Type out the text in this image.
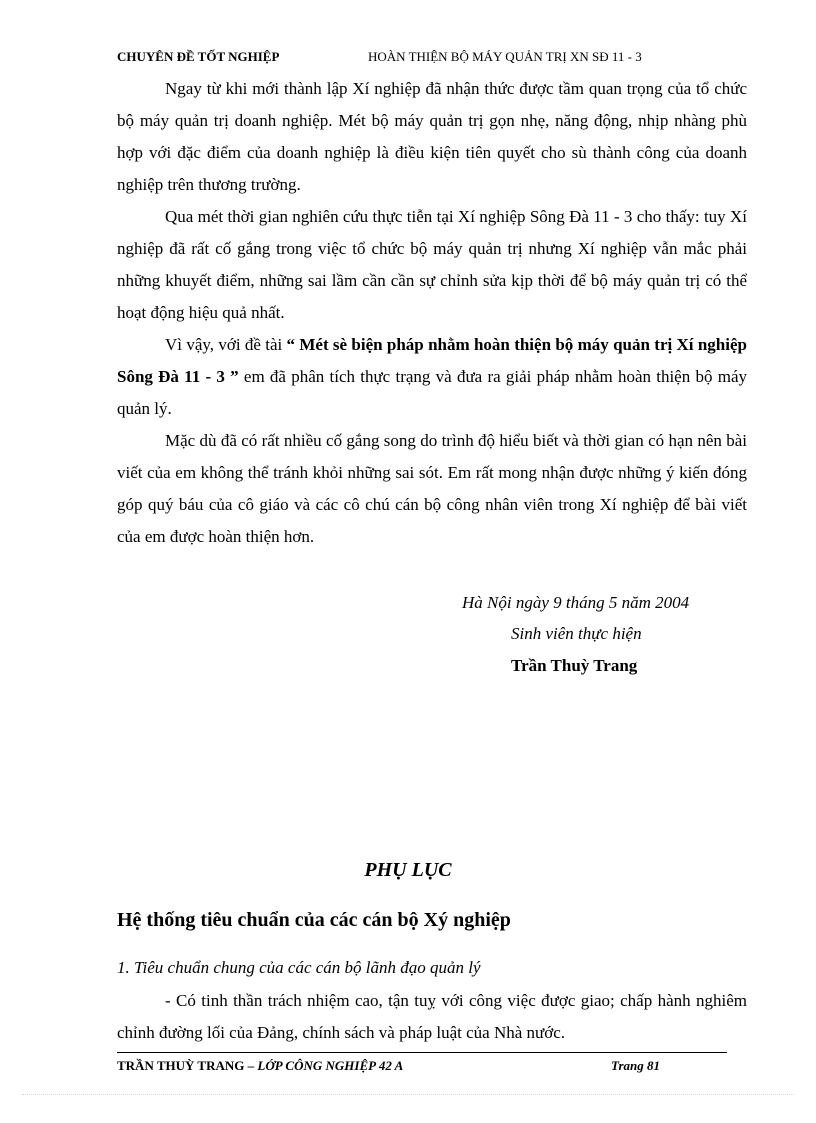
CHUYÊN ĐỀ TỐT NGHIỆP	HOÀN THIỆN BỘ MÁY QUẢN TRỊ XN SĐ 11 - 3

Ngay từ khi mới thành lập Xí nghiệp đã nhận thức được tầm quan trọng của tổ chức bộ máy quản trị doanh nghiệp. Mét bộ máy quản trị gọn nhẹ, năng động, nhịp nhàng phù hợp với đặc điểm của doanh nghiệp là điều kiện tiên quyết cho sù thành công của doanh nghiệp trên thương trường.

Qua mét thời gian nghiên cứu thực tiễn tại Xí nghiệp Sông Đà 11 - 3 cho thấy: tuy Xí nghiệp đã rất cố gắng trong việc tổ chức bộ máy quản trị nhưng Xí nghiệp vẫn mắc phải những khuyết điểm, những sai lầm cần cần sự chỉnh sửa kịp thời để bộ máy quản trị có thể hoạt động hiệu quả nhất.

Vì vậy, với đề tài “ Mét sè biện pháp nhằm hoàn thiện bộ máy quản trị Xí nghiệp Sông Đà 11 - 3 ” em đã phân tích thực trạng và đưa ra giải pháp nhằm hoàn thiện bộ máy quản lý.

Mặc dù đã có rất nhiều cố gắng song do trình độ hiểu biết và thời gian có hạn nên bài viết của em không thể tránh khỏi những sai sót. Em rất mong nhận được những ý kiến đóng góp quý báu của cô giáo và các cô chú cán bộ công nhân viên trong Xí nghiệp để bài viết của em được hoàn thiện hơn.

Hà Nội ngày 9 tháng 5 năm 2004
Sinh viên thực hiện
Trần Thuỳ Trang
PHỤ LỤC
Hệ thống tiêu chuẩn của các cán bộ Xý nghiệp
1. Tiêu chuẩn chung của các cán bộ lãnh đạo quản lý

- Có tinh thần trách nhiệm cao, tận tuỵ với công việc được giao; chấp hành nghiêm chỉnh đường lối của Đảng, chính sách và pháp luật của Nhà nước.

TRẦN THUỲ TRANG – LỚP CÔNG NGHIỆP 42 A	Trang 81
